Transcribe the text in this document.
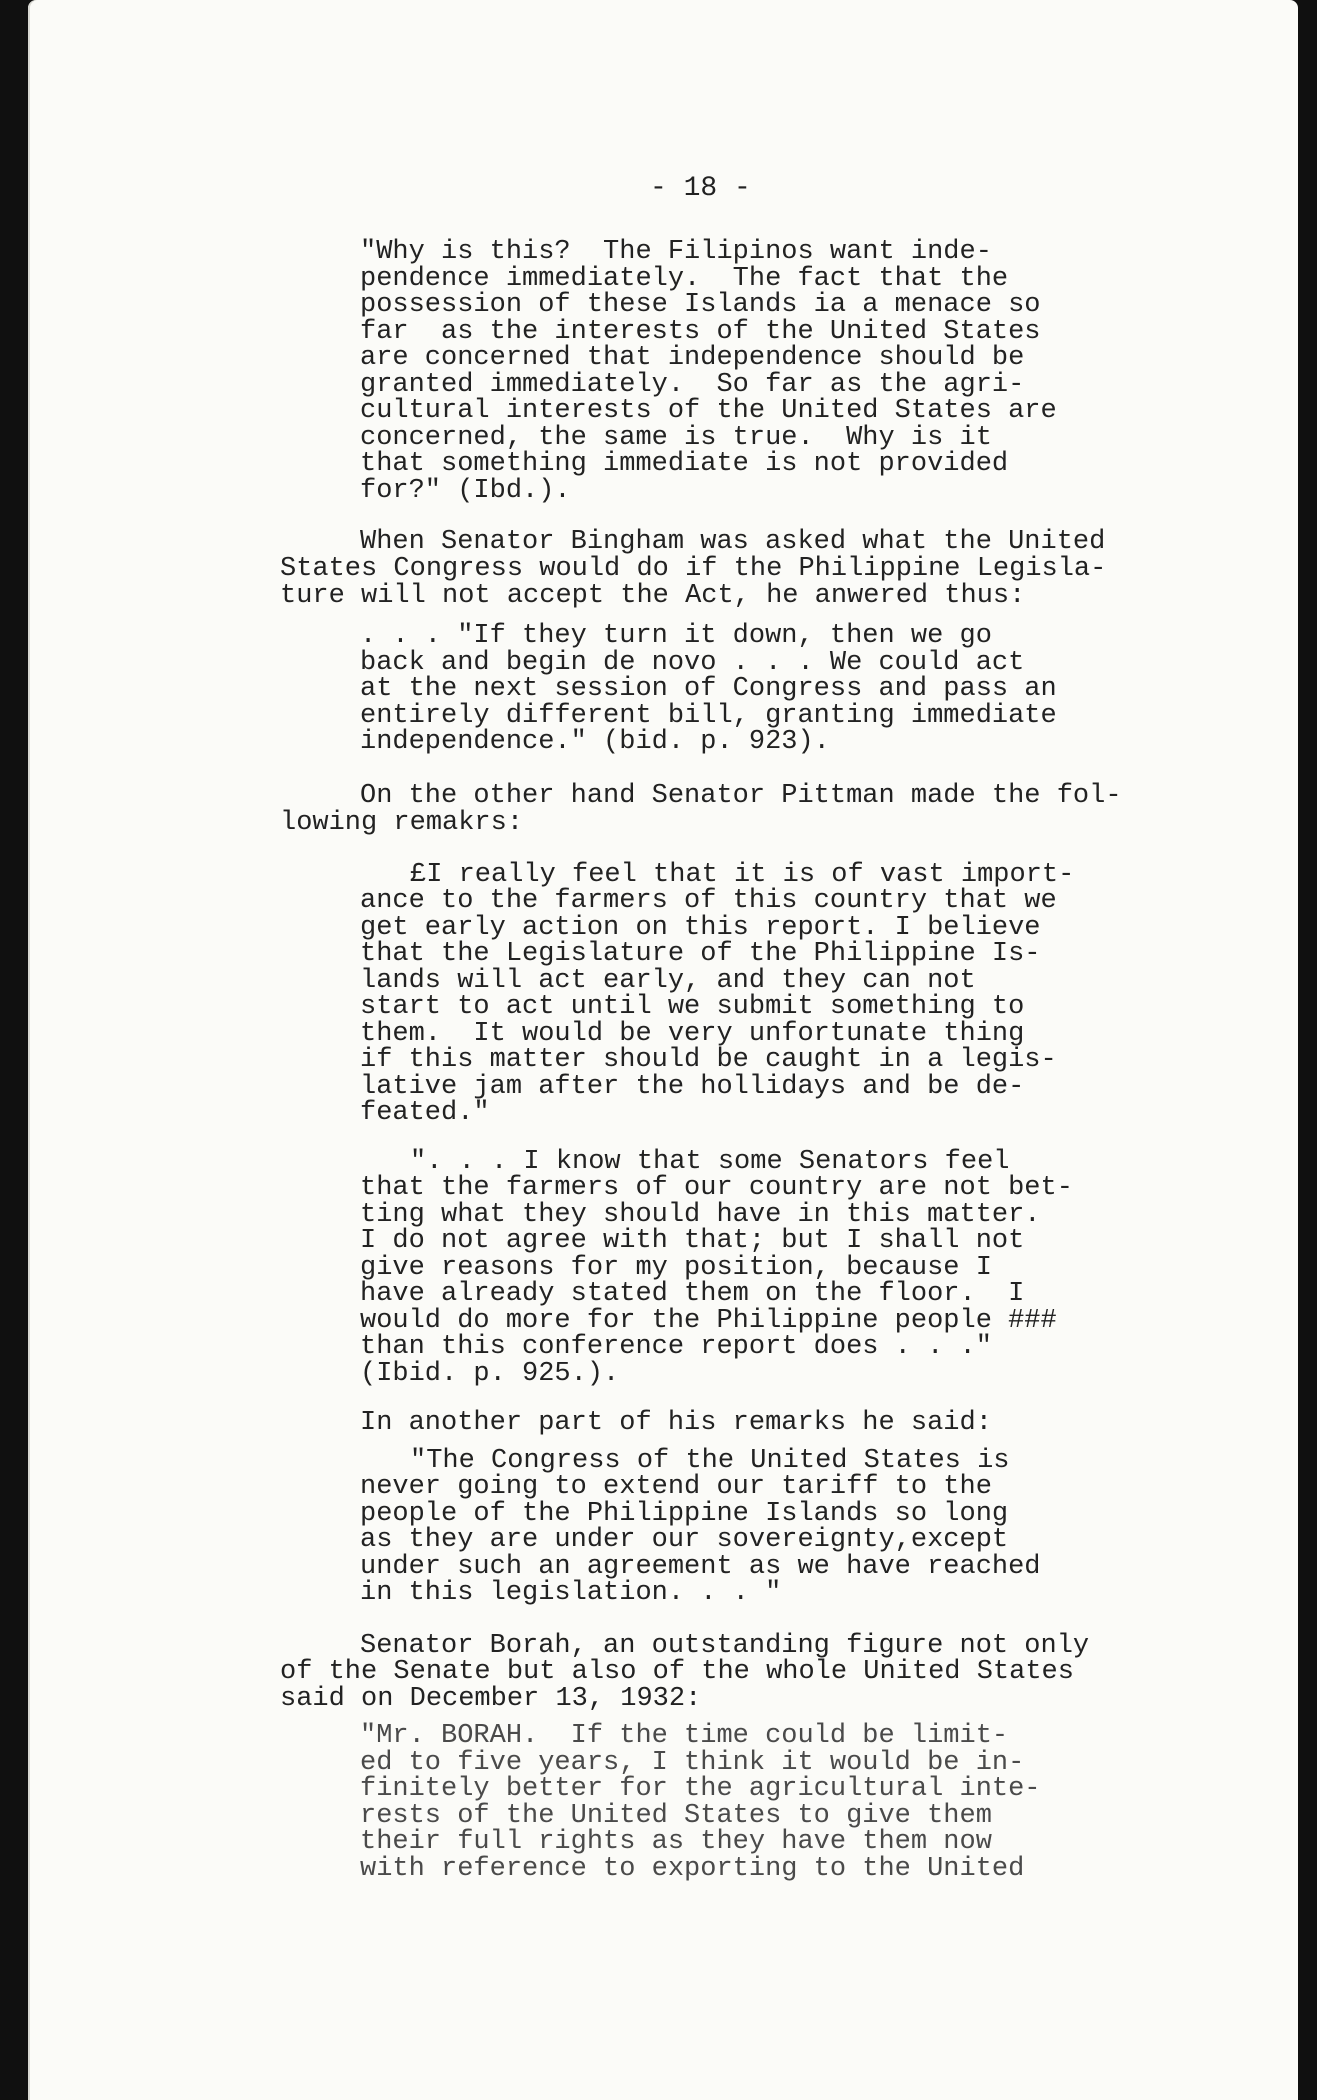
- 18 -
"Why is this?  The Filipinos want inde-
pendence immediately.  The fact that the
possession of these Islands ia a menace so
far  as the interests of the United States
are concerned that independence should be
granted immediately.  So far as the agri-
cultural interests of the United States are
concerned, the same is true.  Why is it
that something immediate is not provided
for?" (Ibd.).
When Senator Bingham was asked what the United
States Congress would do if the Philippine Legisla-
ture will not accept the Act, he anwered thus:
. . . "If they turn it down, then we go
back and begin de novo . . . We could act
at the next session of Congress and pass an
entirely different bill, granting immediate
independence." (bid. p. 923).
On the other hand Senator Pittman made the fol-
lowing remakrs:
£I really feel that it is of vast import-
ance to the farmers of this country that we
get early action on this report. I believe
that the Legislature of the Philippine Is-
lands will act early, and they can not
start to act until we submit something to
them.  It would be very unfortunate thing
if this matter should be caught in a legis-
lative jam after the hollidays and be de-
feated."
". . . I know that some Senators feel
that the farmers of our country are not bet-
ting what they should have in this matter.
I do not agree with that; but I shall not
give reasons for my position, because I
have already stated them on the floor.  I
would do more for the Philippine people ###
than this conference report does . . ."
(Ibid. p. 925.).
In another part of his remarks he said:
"The Congress of the United States is
never going to extend our tariff to the
people of the Philippine Islands so long
as they are under our sovereignty,except
under such an agreement as we have reached
in this legislation. . . "
Senator Borah, an outstanding figure not only
of the Senate but also of the whole United States
said on December 13, 1932:
"Mr. BORAH.  If the time could be limit-
ed to five years, I think it would be in-
finitely better for the agricultural inte-
rests of the United States to give them
their full rights as they have them now
with reference to exporting to the United
